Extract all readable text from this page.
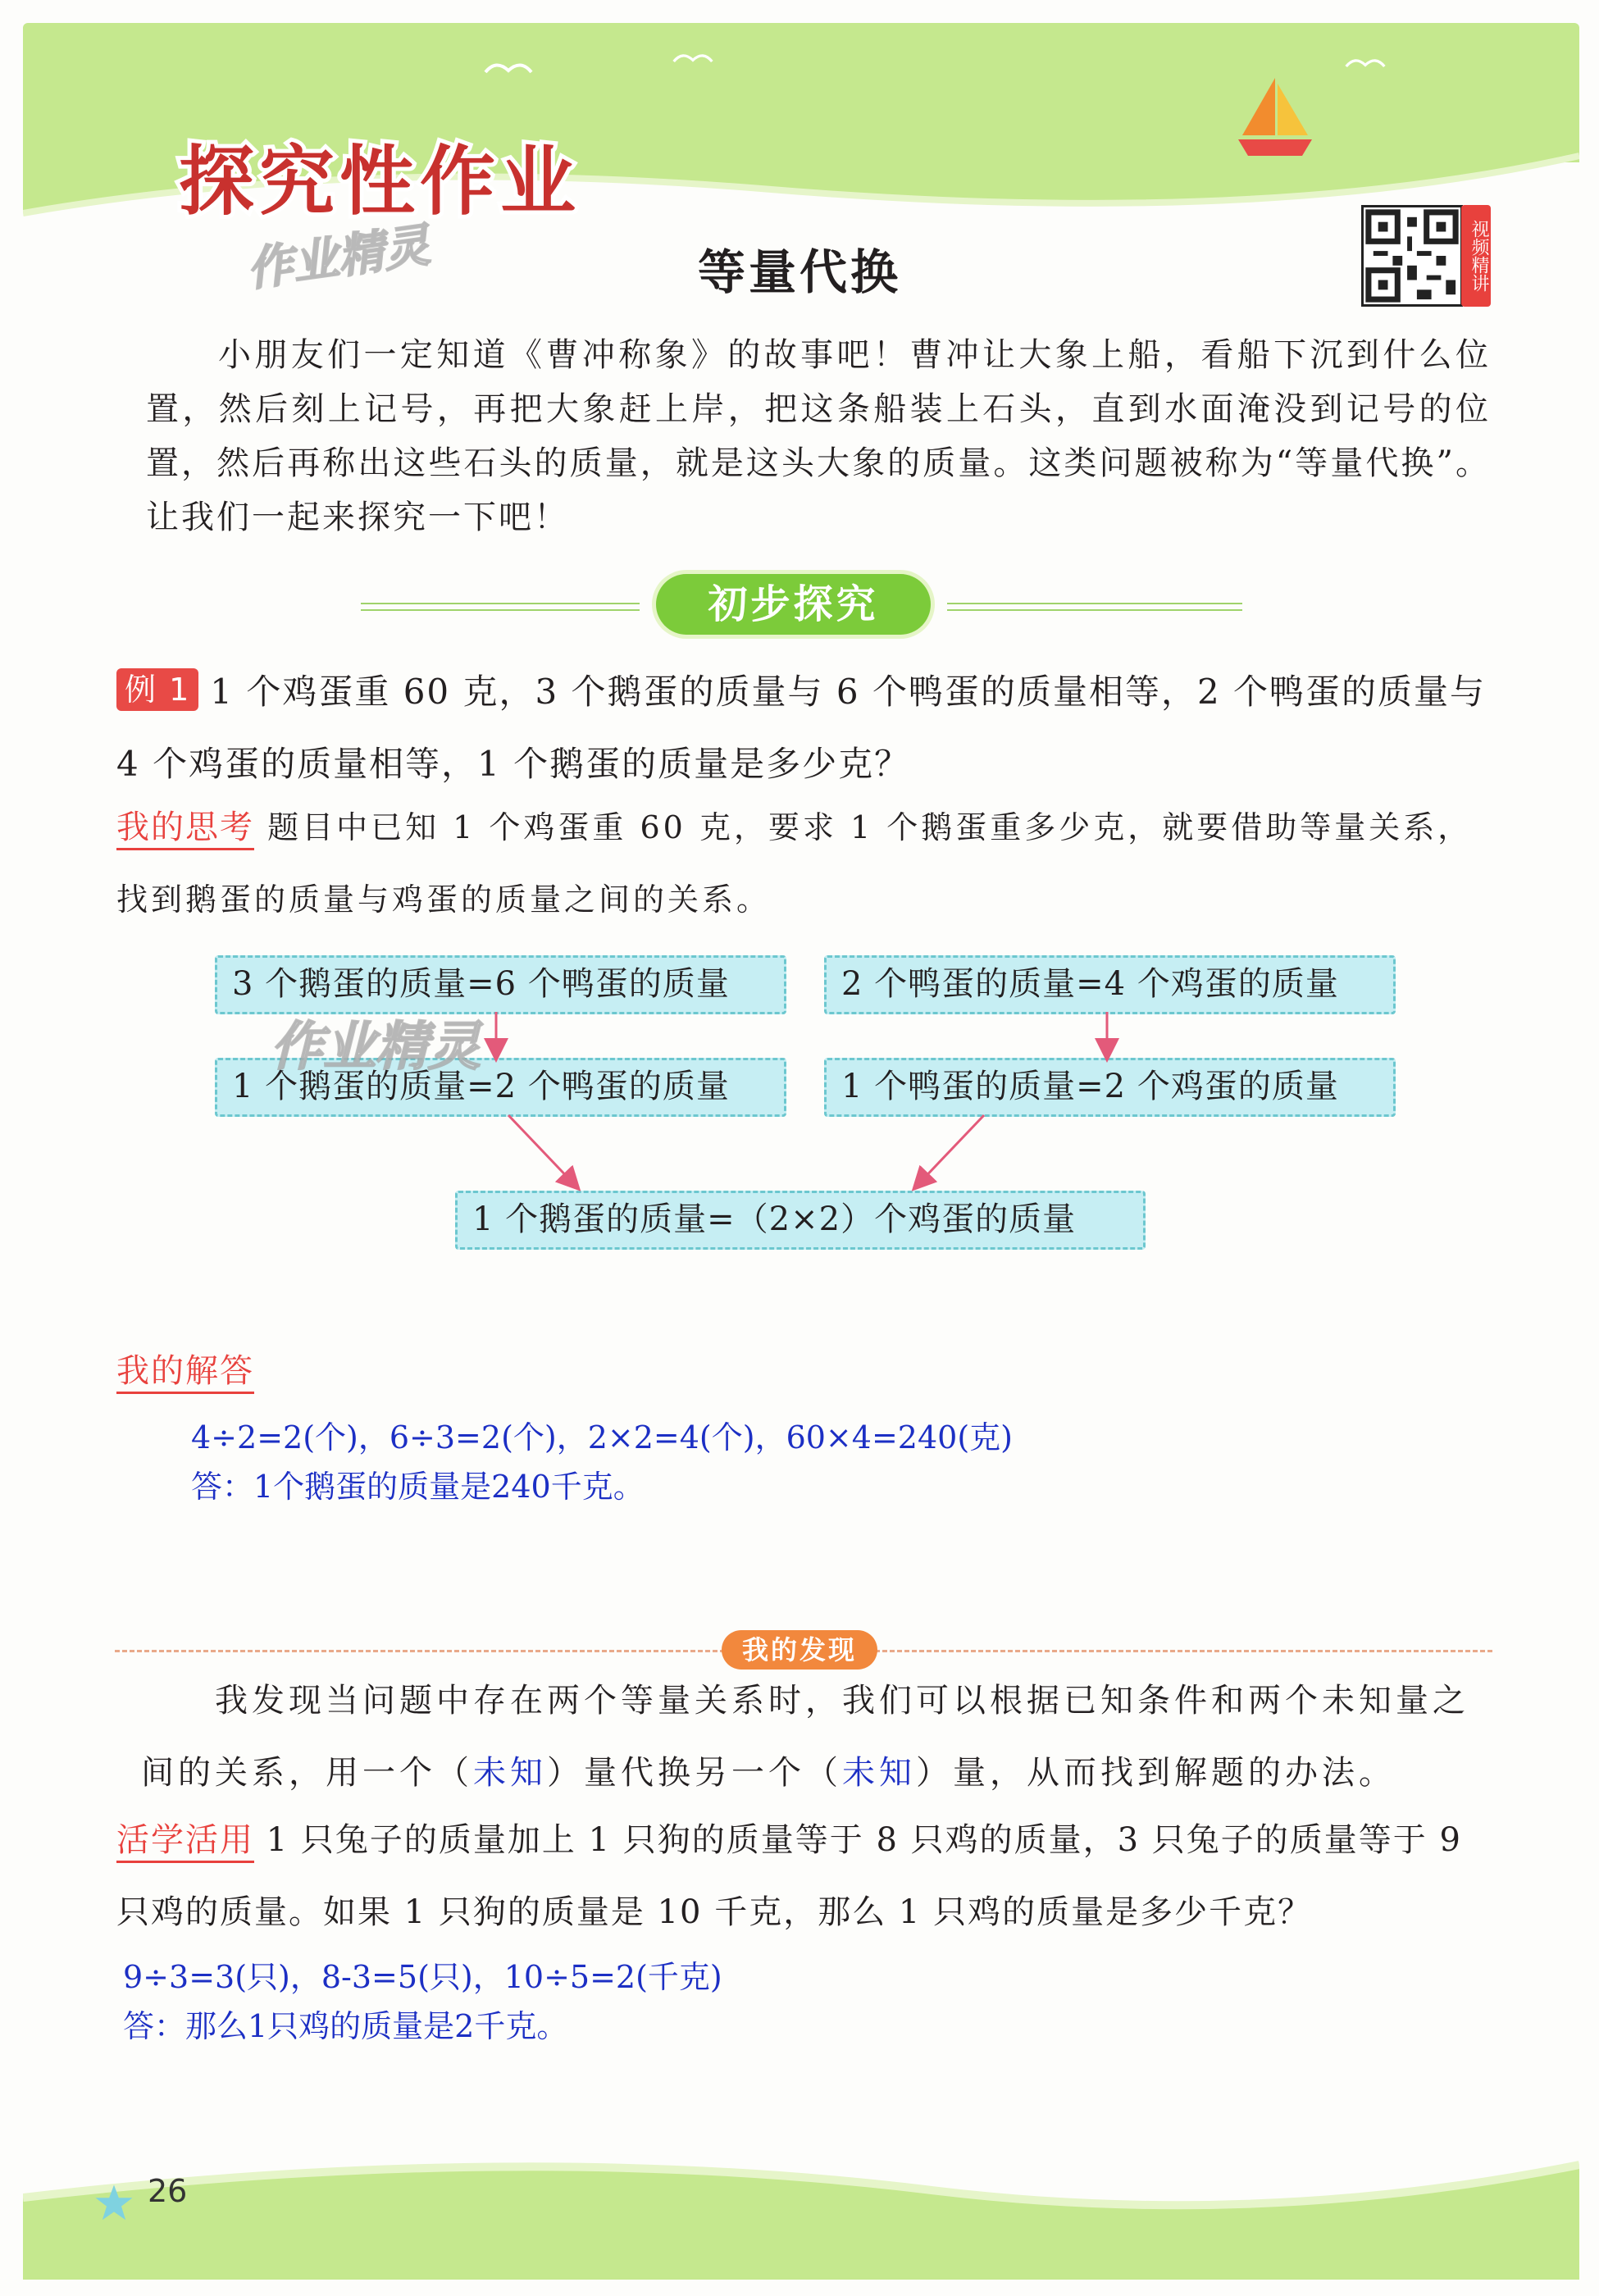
探究性作业
作业精灵	等量代换	视频精讲

小朋友们一定知道《曹冲称象》的故事吧！曹冲让大象上船，看船下沉到什么位置，然后刻上记号，再把大象赶上岸，把这条船装上石头，直到水面淹没到记号的位置，然后再称出这些石头的质量，就是这头大象的质量。这类问题被称为“等量代换”。让我们一起来探究一下吧！

初步探究

例 1 1 个鸡蛋重 60 克，3 个鹅蛋的质量与 6 个鸭蛋的质量相等，2 个鸭蛋的质量与 4 个鸡蛋的质量相等，1 个鹅蛋的质量是多少克？

我的思考 题目中已知 1 个鸡蛋重 60 克，要求 1 个鹅蛋重多少克，就要借助等量关系，找到鹅蛋的质量与鸡蛋的质量之间的关系。

3 个鹅蛋的质量=6 个鸭蛋的质量	2 个鸭蛋的质量=4 个鸡蛋的质量
1 个鹅蛋的质量=2 个鸭蛋的质量	1 个鸭蛋的质量=2 个鸡蛋的质量
1 个鹅蛋的质量=（2×2）个鸡蛋的质量
作业精灵
我的解答
4÷2=2(个)，6÷3=2(个)，2×2=4(个)，60×4=240(克)
答：1个鹅蛋的质量是240千克。
我的发现

我发现当问题中存在两个等量关系时，我们可以根据已知条件和两个未知量之间的关系，用一个（未知）量代换另一个（未知）量，从而找到解题的办法。

活学活用 1 只兔子的质量加上 1 只狗的质量等于 8 只鸡的质量，3 只兔子的质量等于 9 只鸡的质量。如果 1 只狗的质量是 10 千克，那么 1 只鸡的质量是多少千克？

9÷3=3(只)，8-3=5(只)，10÷5=2(千克)
答：那么1只鸡的质量是2千克。
26
